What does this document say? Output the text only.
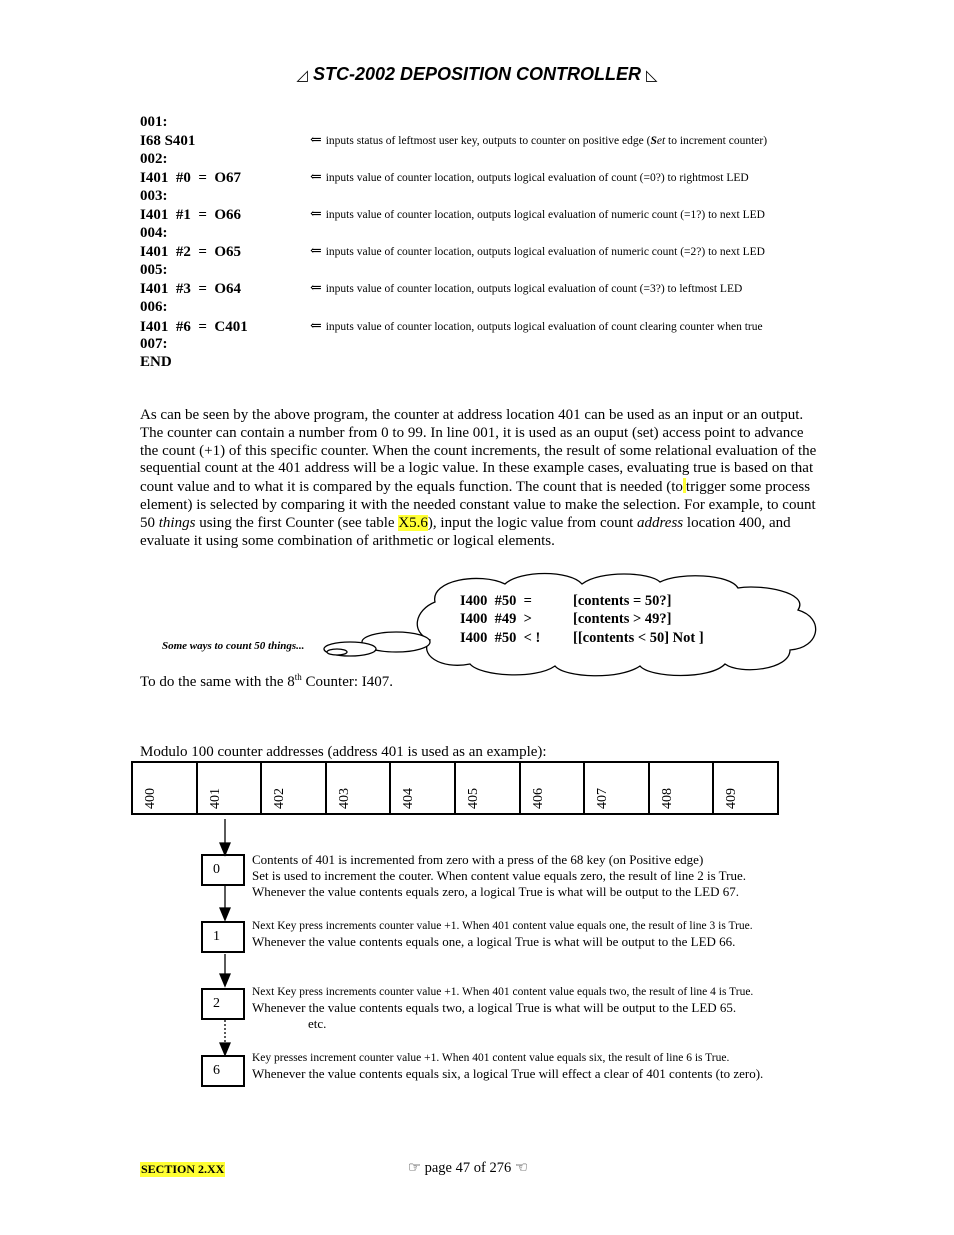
◿ STC-2002 DEPOSITION CONTROLLER ◺
001:
I68 S401	⇐ inputs status of leftmost user key, outputs to counter on positive edge (Set to increment counter)
002:
I401  #0  =  O67	⇐ inputs value of counter location, outputs logical evaluation of count (=0?) to rightmost LED
003:
I401  #1  =  O66	⇐ inputs value of counter location, outputs logical evaluation of numeric count (=1?) to next LED
004:
I401  #2  =  O65	⇐ inputs value of counter location, outputs logical evaluation of numeric count (=2?) to next LED
005:
I401  #3  =  O64	⇐ inputs value of counter location, outputs logical evaluation of count (=3?) to leftmost LED
006:
I401  #6  =  C401	⇐ inputs value of counter location, outputs logical evaluation of count clearing counter when true
007:
END
As can be seen by the above program, the counter at address location 401 can be used as an input or an output. The counter can contain a number from 0 to 99. In line 001, it is used as an ouput (set) access point to advance the count (+1) of this specific counter. When the count increments, the result of some relational evaluation of the sequential count at the 401 address will be a logic value. In these example cases, evaluating true is based on that count value and to what it is compared by the equals function. The count that is needed (to trigger some process element) is selected by comparing it with the needed constant value to make the selection. For example, to count 50 things using the first Counter (see table X5.6), input the logic value from count address location 400, and evaluate it using some combination of arithmetic or logical elements.
I400  #50  =	[contents = 50?]
I400  #49  >	[contents > 49?]
I400  #50  < ! [[contents < 50] Not ]
Some ways to count 50 things...
To do the same with the 8th Counter: I407.
Modulo 100 counter addresses (address 401 is used as an example):
400	401	402	403	404	405	406	407	408	409
0
Contents of 401 is incremented from zero with a press of the 68 key (on Positive edge)
Set is used to increment the couter. When content value equals zero, the result of line 2 is True.
Whenever the value contents equals zero, a logical True is what will be output to the LED 67.
1
Next Key press increments counter value +1. When 401 content value equals one, the result of line 3 is True.
Whenever the value contents equals one, a logical True is what will be output to the LED 66.
2
Next Key press increments counter value +1. When 401 content value equals two, the result of line 4 is True.
Whenever the value contents equals two, a logical True is what will be output to the LED 65.
etc.
6
Key presses increment counter value +1. When 401 content value equals six, the result of line 6 is True.
Whenever the value contents equals six, a logical True will effect a clear of 401 contents (to zero).
SECTION 2.XX	☞ page 47 of 276 ☜
